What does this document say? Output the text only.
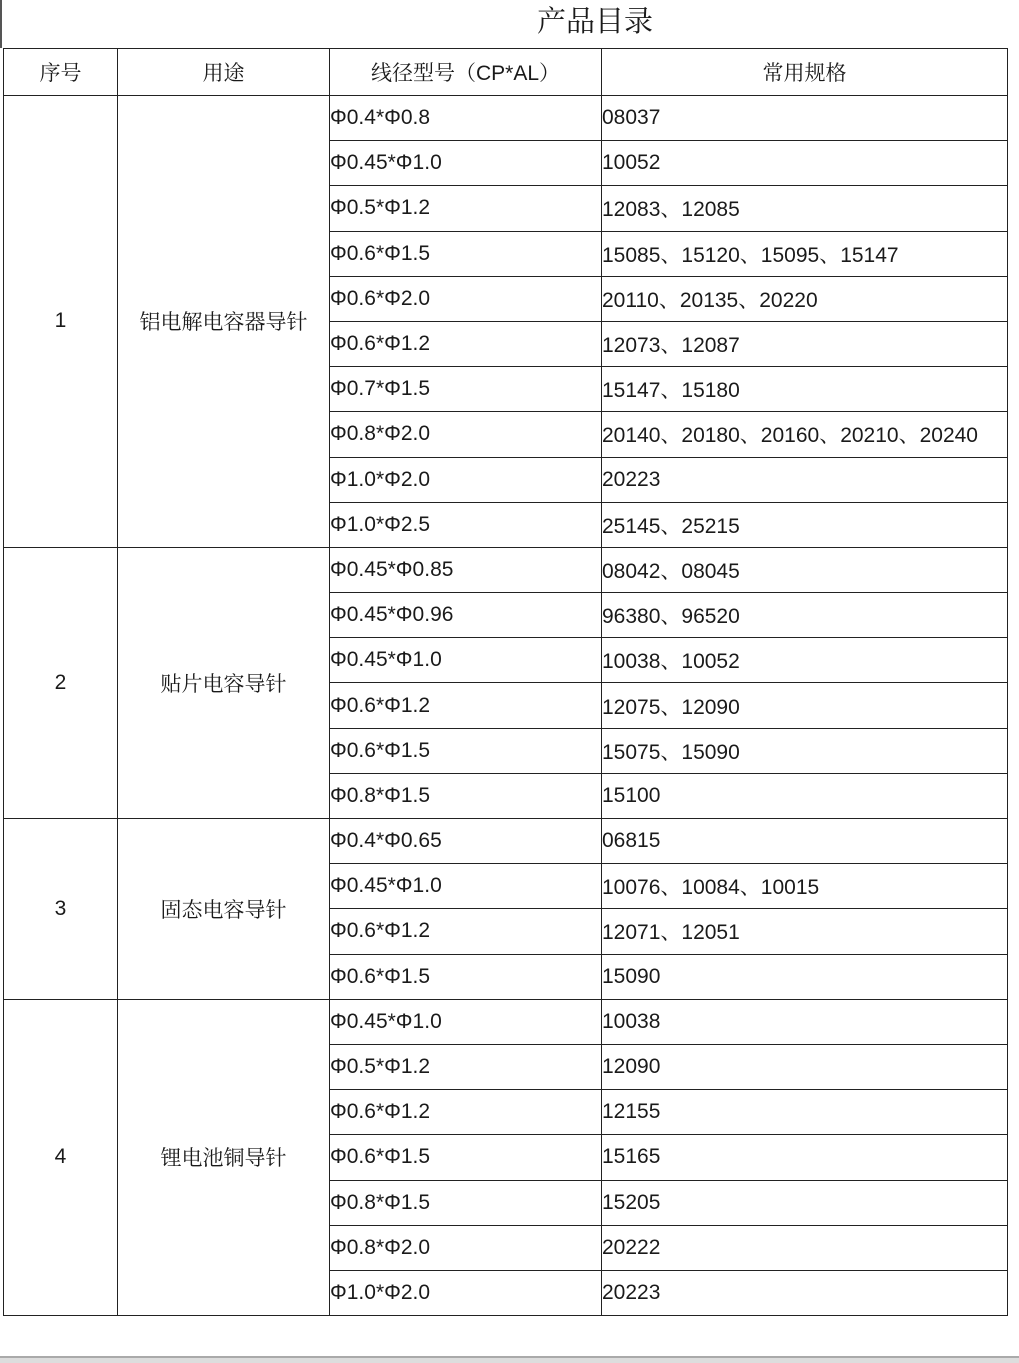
产品目录
序号	用途	线径型号（CP*AL）	常用规格
1	铝电解电容器导针	Φ0.4*Φ0.8	08037
		Φ0.45*Φ1.0	10052
		Φ0.5*Φ1.2	12083、12085
		Φ0.6*Φ1.5	15085、15120、15095、15147
		Φ0.6*Φ2.0	20110、20135、20220
		Φ0.6*Φ1.2	12073、12087
		Φ0.7*Φ1.5	15147、15180
		Φ0.8*Φ2.0	20140、20180、20160、20210、20240
		Φ1.0*Φ2.0	20223
		Φ1.0*Φ2.5	25145、25215
2	贴片电容导针	Φ0.45*Φ0.85	08042、08045
		Φ0.45*Φ0.96	96380、96520
		Φ0.45*Φ1.0	10038、10052
		Φ0.6*Φ1.2	12075、12090
		Φ0.6*Φ1.5	15075、15090
		Φ0.8*Φ1.5	15100
3	固态电容导针	Φ0.4*Φ0.65	06815
		Φ0.45*Φ1.0	10076、10084、10015
		Φ0.6*Φ1.2	12071、12051
		Φ0.6*Φ1.5	15090
4	锂电池铜导针	Φ0.45*Φ1.0	10038
		Φ0.5*Φ1.2	12090
		Φ0.6*Φ1.2	12155
		Φ0.6*Φ1.5	15165
		Φ0.8*Φ1.5	15205
		Φ0.8*Φ2.0	20222
		Φ1.0*Φ2.0	20223
